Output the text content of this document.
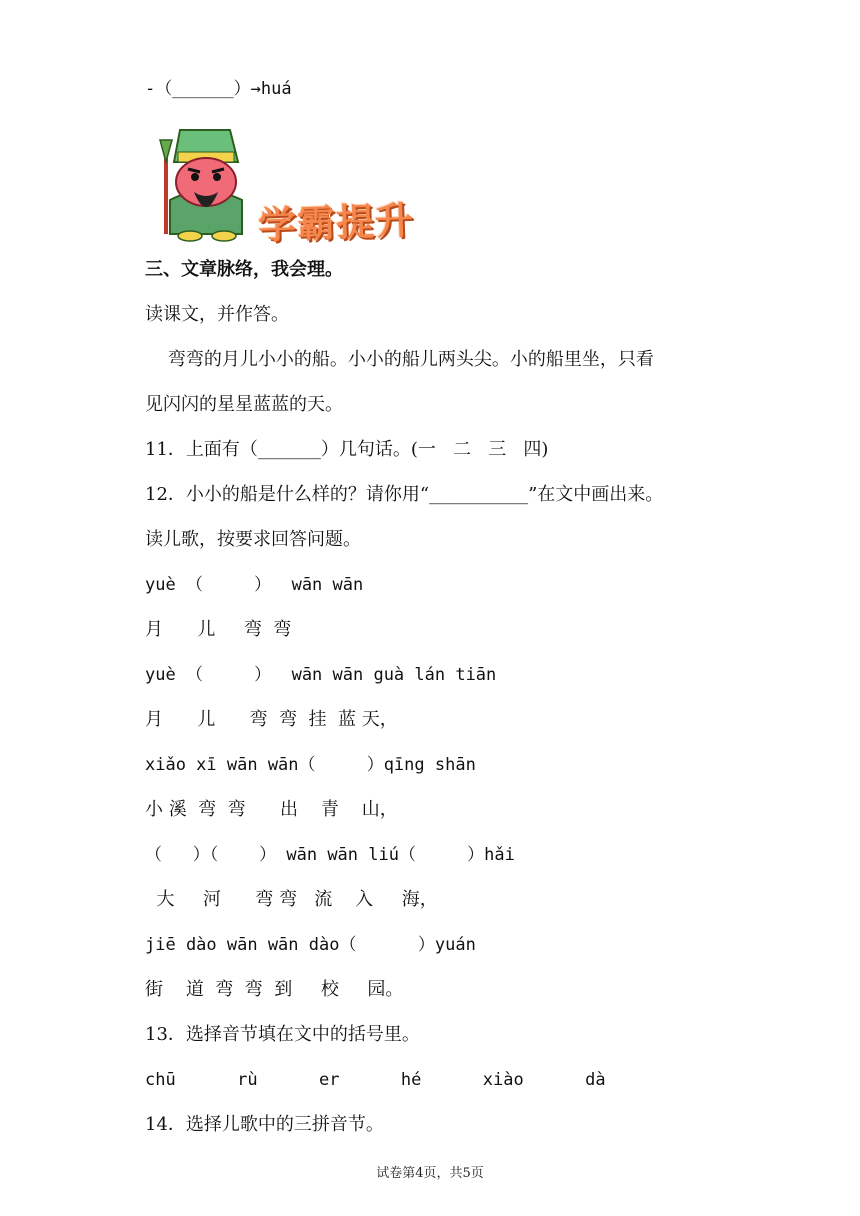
-（______）→huá
学霸提升
三、文章脉络，我会理。
读课文，并作答。
弯弯的月儿小小的船。小小的船儿两头尖。小的船里坐，只看
见闪闪的星星蓝蓝的天。
11．上面有（_______）几句话。(一   二   三   四)
12．小小的船是什么样的？请你用“___________”在文中画出来。
读儿歌，按要求回答问题。
yuè （     ）  wān wān
月      儿     弯  弯
yuè （     ）  wān wān guà lán tiān
月      儿      弯  弯  挂  蓝 天，
xiǎo xī wān wān（     ）qīng shān
小 溪  弯  弯      出    青    山，
（   ）（    ） wān wān liú（     ）hǎi
大     河      弯 弯   流    入     海，
jiē dào wān wān dào（      ）yuán
街    道  弯  弯  到     校     园。
13．选择音节填在文中的括号里。
chū      rù      er      hé      xiào      dà
14．选择儿歌中的三拼音节。
试卷第4页，共5页
